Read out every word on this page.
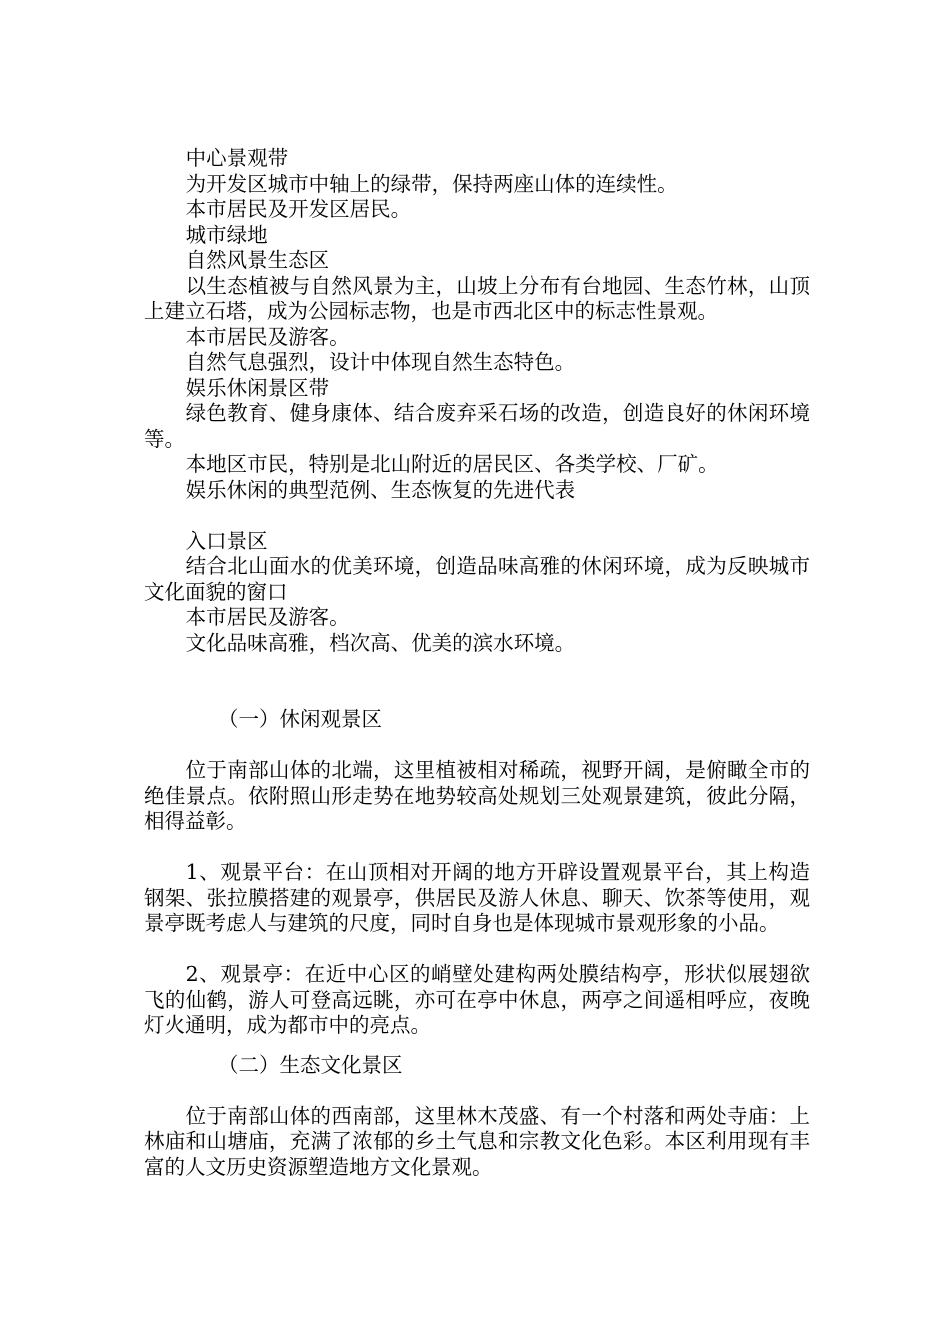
中心景观带

为开发区城市中轴上的绿带，保持两座山体的连续性。

本市居民及开发区居民。

城市绿地

自然风景生态区

以生态植被与自然风景为主，山坡上分布有台地园、生态竹林，山顶上建立石塔，成为公园标志物，也是市西北区中的标志性景观。

本市居民及游客。

自然气息强烈，设计中体现自然生态特色。

娱乐休闲景区带

绿色教育、健身康体、结合废弃采石场的改造，创造良好的休闲环境等。

本地区市民，特别是北山附近的居民区、各类学校、厂矿。

娱乐休闲的典型范例、生态恢复的先进代表

入口景区

结合北山面水的优美环境，创造品味高雅的休闲环境，成为反映城市文化面貌的窗口

本市居民及游客。

文化品味高雅，档次高、优美的滨水环境。

（一）休闲观景区

位于南部山体的北端，这里植被相对稀疏，视野开阔，是俯瞰全市的绝佳景点。依附照山形走势在地势较高处规划三处观景建筑，彼此分隔，相得益彰。

1、观景平台：在山顶相对开阔的地方开辟设置观景平台，其上构造钢架、张拉膜搭建的观景亭，供居民及游人休息、聊天、饮茶等使用，观景亭既考虑人与建筑的尺度，同时自身也是体现城市景观形象的小品。

2、观景亭：在近中心区的峭壁处建构两处膜结构亭，形状似展翅欲飞的仙鹤，游人可登高远眺，亦可在亭中休息，两亭之间遥相呼应，夜晚灯火通明，成为都市中的亮点。

（二）生态文化景区

位于南部山体的西南部，这里林木茂盛、有一个村落和两处寺庙：上林庙和山塘庙，充满了浓郁的乡土气息和宗教文化色彩。本区利用现有丰富的人文历史资源塑造地方文化景观。
